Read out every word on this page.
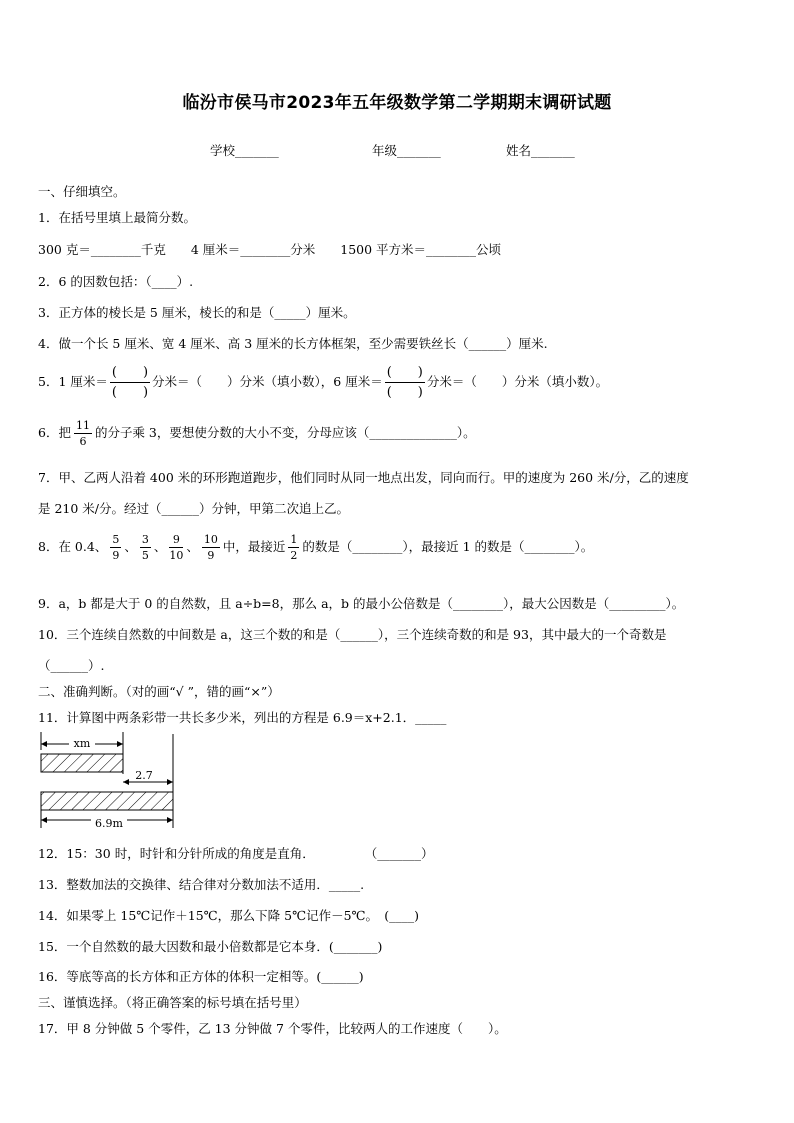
临汾市侯马市2023年五年级数学第二学期期末调研试题
学校_______	年级_______	姓名_______
一、仔细填空。
1．在括号里填上最简分数。
300 克＝________千克　　4 厘米＝________分米　　1500 平方米＝________公顷
2．6 的因数包括：（____）.
3．正方体的棱长是 5 厘米，棱长的和是（_____）厘米。
4．做一个长 5 厘米、宽 4 厘米、高 3 厘米的长方体框架，至少需要铁丝长（______）厘米.
5．1 厘米＝ $\frac{( )}{( )}$ 分米＝（　　）分米（填小数），6 厘米＝ $\frac{( )}{( )}$ 分米＝（　　）分米（填小数）。
6．把 $\frac{11}{6}$ 的分子乘 3，要想使分数的大小不变，分母应该（______________）。
7．甲、乙两人沿着 400 米的环形跑道跑步，他们同时从同一地点出发，同向而行。甲的速度为 260 米/分，乙的速度
是 210 米/分。经过（______）分钟，甲第二次追上乙。
8．在 0.4、 $\frac{5}{9}$ 、 $\frac{3}{5}$ 、 $\frac{9}{10}$ 、 $\frac{10}{9}$ 中，最接近 $\frac{1}{2}$ 的数是（________），最接近 1 的数是（________）。
9．a，b 都是大于 0 的自然数，且 a÷b=8，那么 a，b 的最小公倍数是（________），最大公因数是（_________）。
10．三个连续自然数的中间数是 a，这三个数的和是（______），三个连续奇数的和是 93，其中最大的一个奇数是
（______）.
二、准确判断。（对的画“√ ”，错的画“×”）
11．计算图中两条彩带一共长多少米，列出的方程是 6.9＝x+2.1．_____
xm
2.7
6.9m
12．15：30 时，时针和分针所成的角度是直角．　　　　　（_______）
13．整数加法的交换律、结合律对分数加法不适用．_____.
14．如果零上 15℃记作＋15℃，那么下降 5℃记作－5℃。　(____)
15．一个自然数的最大因数和最小倍数都是它本身．(_______)
16．等底等高的长方体和正方体的体积一定相等。(______)
三、谨慎选择。（将正确答案的标号填在括号里）
17．甲 8 分钟做 5 个零件，乙 13 分钟做 7 个零件，比较两人的工作速度（　　）。
